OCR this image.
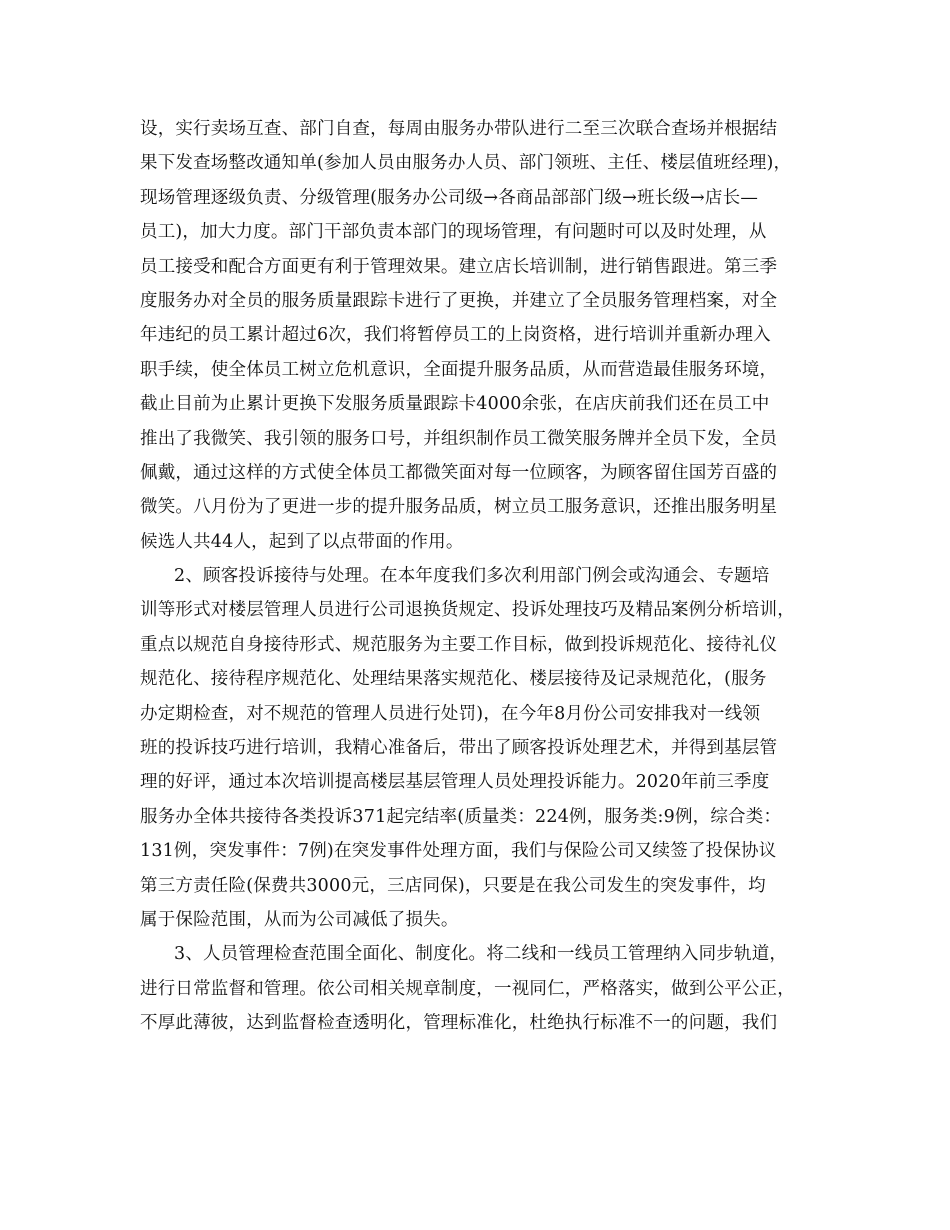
设，实行卖场互查、部门自查，每周由服务办带队进行二至三次联合查场并根据结
果下发查场整改通知单(参加人员由服务办人员、部门领班、主任、楼层值班经理)，
现场管理逐级负责、分级管理(服务办公司级→各商品部部门级→班长级→店长—
员工)，加大力度。部门干部负责本部门的现场管理，有问题时可以及时处理，从
员工接受和配合方面更有利于管理效果。建立店长培训制，进行销售跟进。第三季
度服务办对全员的服务质量跟踪卡进行了更换，并建立了全员服务管理档案，对全
年违纪的员工累计超过6次，我们将暂停员工的上岗资格，进行培训并重新办理入
职手续，使全体员工树立危机意识，全面提升服务品质，从而营造最佳服务环境，
截止目前为止累计更换下发服务质量跟踪卡4000余张，在店庆前我们还在员工中
推出了我微笑、我引领的服务口号，并组织制作员工微笑服务牌并全员下发，全员
佩戴，通过这样的方式使全体员工都微笑面对每一位顾客，为顾客留住国芳百盛的
微笑。八月份为了更进一步的提升服务品质，树立员工服务意识，还推出服务明星
候选人共44人，起到了以点带面的作用。
2、顾客投诉接待与处理。在本年度我们多次利用部门例会或沟通会、专题培
训等形式对楼层管理人员进行公司退换货规定、投诉处理技巧及精品案例分析培训，
重点以规范自身接待形式、规范服务为主要工作目标，做到投诉规范化、接待礼仪
规范化、接待程序规范化、处理结果落实规范化、楼层接待及记录规范化，(服务
办定期检查，对不规范的管理人员进行处罚)，在今年8月份公司安排我对一线领
班的投诉技巧进行培训，我精心准备后，带出了顾客投诉处理艺术，并得到基层管
理的好评，通过本次培训提高楼层基层管理人员处理投诉能力。2020年前三季度
服务办全体共接待各类投诉371起完结率(质量类：224例，服务类:9例，综合类：
131例，突发事件：7例)在突发事件处理方面，我们与保险公司又续签了投保协议
第三方责任险(保费共3000元，三店同保)，只要是在我公司发生的突发事件，均
属于保险范围，从而为公司减低了损失。
3、人员管理检查范围全面化、制度化。将二线和一线员工管理纳入同步轨道，
进行日常监督和管理。依公司相关规章制度，一视同仁，严格落实，做到公平公正，
不厚此薄彼，达到监督检查透明化，管理标准化，杜绝执行标准不一的问题，我们
